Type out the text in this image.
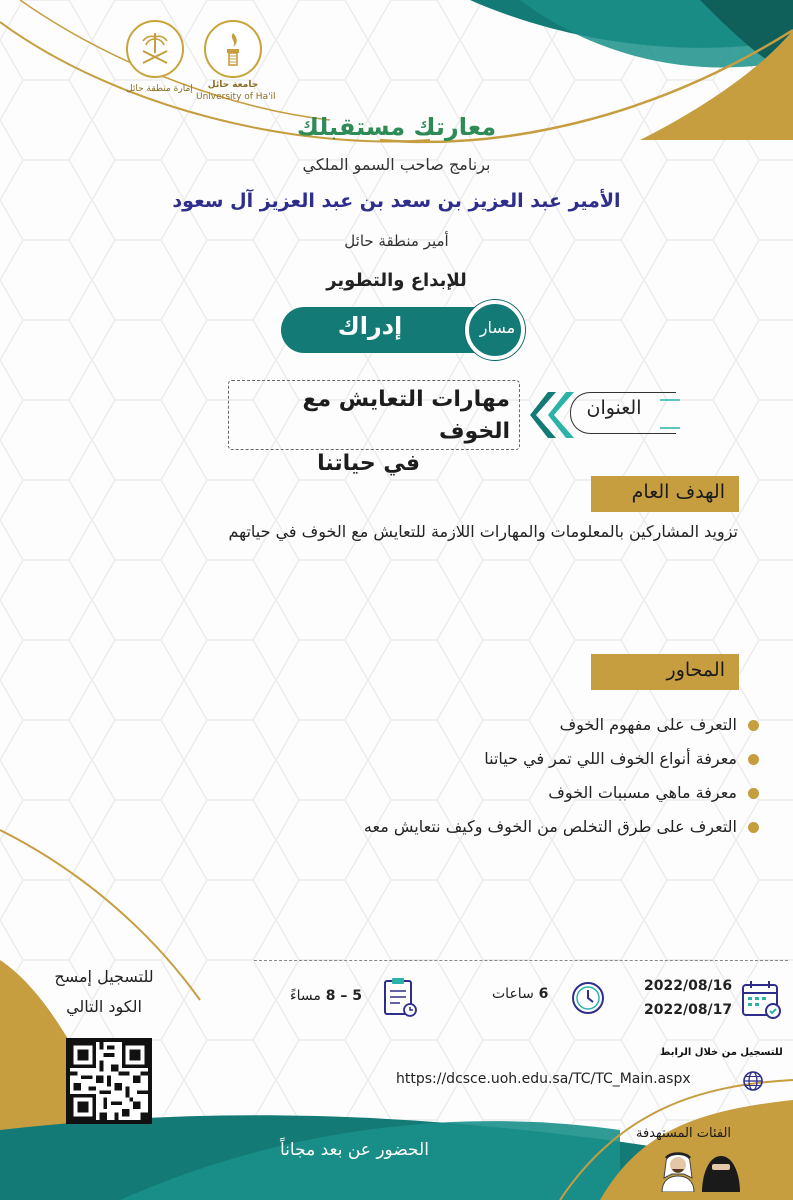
إمارة منطقة حائل	جامعة حائل
University of Ha'il
معارتك مستقبلك
برنامج صاحب السمو الملكي
الأمير عبد العزيز بن سعد بن عبد العزيز آل سعود
أمير منطقة حائل
للإبداع والتطوير
مسار
إدراك
مهارات التعايش مع الخوف
في حياتنا
العنوان
الهدف العام
تزويد المشاركين بالمعلومات والمهارات اللازمة للتعايش مع الخوف في حياتهم
المحاور
التعرف على مفهوم الخوف
معرفة أنواع الخوف اللي تمر في حياتنا
معرفة ماهي مسببات الخوف
التعرف على طرق التخلص من الخوف وكيف نتعايش معه
2022/08/16
2022/08/17
6 ساعات
5 – 8 مساءً
للتسجيل من خلال الرابط
https://dcsce.uoh.edu.sa/TC/TC_Main.aspx
للتسجيل إمسح
الكود التالي
الحضور عن بعد مجاناً
الفئات المستهدفة
